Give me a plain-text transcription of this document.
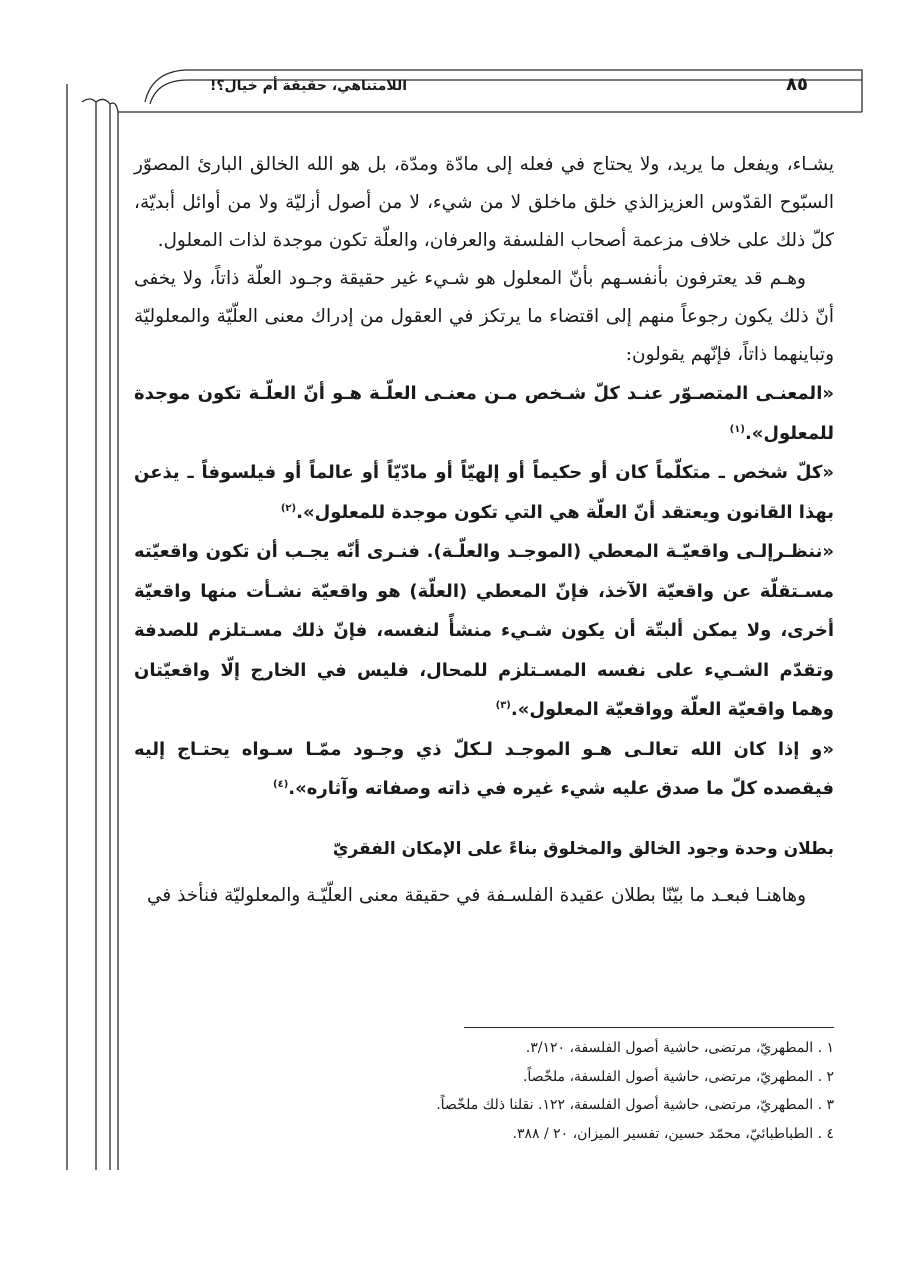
اللامتناهي، حقيقة أم خيال؟!	٨٥

يشـاء، ويفعل ما يريد، ولا يحتاج في فعله إلى مادّة ومدّة، بل هو الله الخالق البارئ المصوّر السبّوح القدّوس العزيزالذي خلق ماخلق لا من شيء، لا من أصول أزليّة ولا من أوائل أبديّة، كلّ ذلك على خلاف مزعمة أصحاب الفلسفة والعرفان، والعلّة تكون موجدة لذات المعلول.

وهـم قد يعترفون بأنفسـهم بأنّ المعلول هو شـيء غير حقيقة وجـود العلّة ذاتاً، ولا يخفى أنّ ذلك يكون رجوعاً منهم إلى اقتضاء ما يرتكز في العقول من إدراك معنى العلّيّة والمعلوليّة وتباينهما ذاتاً، فإنّهم يقولون:

«المعنـى المتصـوّر عنـد كلّ شـخص مـن معنـى العلّـة هـو أنّ العلّـة تكون موجدة للمعلول».$^{(١)}$

«كلّ شخص ـ متكلّماً كان أو حكيماً أو إلهيّاً أو مادّيّاً أو عالماً أو فيلسوفاً ـ يذعن بهذا القانون ويعتقد أنّ العلّة هي التي تكون موجدة للمعلول».$^{(٢)}$

«ننظـرإلـى واقعيّـة المعطي (الموجـد والعلّـة). فنـرى أنّه يجـب أن تكون واقعيّته مسـتقلّة عن واقعيّة الآخذ، فإنّ المعطي (العلّة) هو واقعيّة نشـأت منها واقعيّة أخرى، ولا يمكن ألبتّة أن يكون شـيء منشأً لنفسه، فإنّ ذلك مسـتلزم للصدفة وتقدّم الشـيء على نفسه المسـتلزم للمحال، فليس في الخارج إلّا واقعيّتان وهما واقعيّة العلّة وواقعيّة المعلول».$^{(٣)}$

«و إذا كان الله تعالـى هـو الموجـد لـكلّ ذي وجـود ممّـا سـواه يحتـاج إليه فيقصده كلّ ما صدق عليه شيء غيره في ذاته وصفاته وآثاره».$^{(٤)}$

بطلان وحدة وجود الخالق والمخلوق بناءً على الإمكان الفقريّ

وهاهنـا فبعـد ما بيّنّا بطلان عقيدة الفلسـفة في حقيقة معنى العلّيّـة والمعلوليّة فنأخذ في

١ . المطهريّ، مرتضى، حاشية أصول الفلسفة، ٣/١٢٠.
٢ . المطهريّ، مرتضى، حاشية أصول الفلسفة، ملخّصاً.
٣ . المطهريّ، مرتضى، حاشية أصول الفلسفة، ١٢٢. نقلنا ذلك ملخّصاً.
٤ . الطباطبائيّ، محمّد حسين، تفسير الميزان، ٢٠ / ٣٨٨.
